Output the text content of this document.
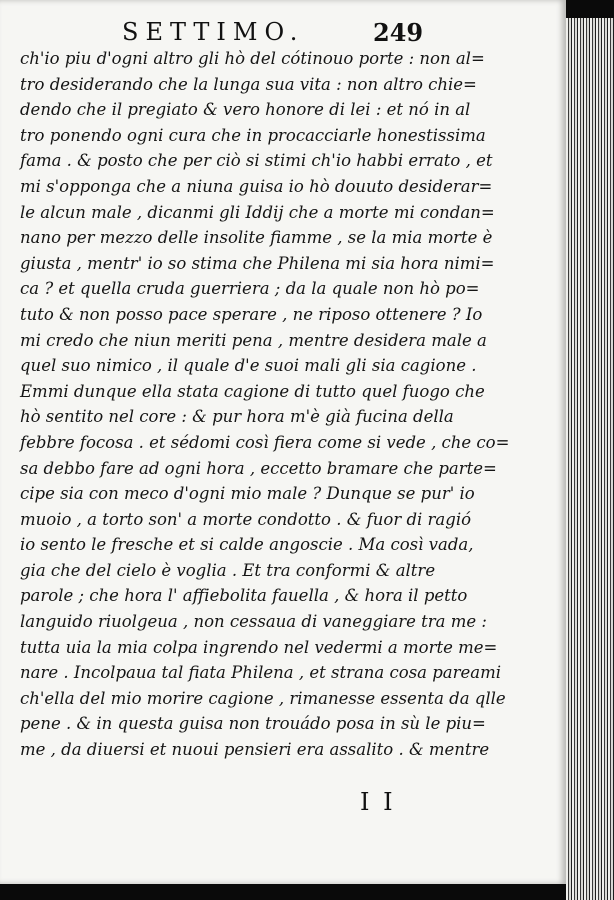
SETTIMO.	249
ch'io piu d'ogni altro gli hò del cótinouo porte : non al=
tro desiderando che la lunga sua vita : non altro chie=
dendo che il pregiato & vero honore di lei : et nó in al
tro ponendo ogni cura che in procacciarle honestissima
fama . & posto che per ciò si stimi ch'io habbi errato , et
mi s'opponga che a niuna guisa io hò douuto desiderar=
le alcun male , dicanmi gli Iddij che a morte mi condan=
nano per mezzo delle insolite fiamme , se la mia morte è
giusta , mentr' io so stima che Philena mi sia hora nimi=
ca ? et quella cruda guerriera ; da la quale non hò po=
tuto & non posso pace sperare , ne riposo ottenere ? Io
mi credo che niun meriti pena , mentre desidera male a
quel suo nimico , il quale d'e suoi mali gli sia cagione .
Emmi dunque ella stata cagione di tutto quel fuogo che
hò sentito nel core : & pur hora m'è già fucina della
febbre focosa . et sédomi così fiera come si vede , che co=
sa debbo fare ad ogni hora , eccetto bramare che parte=
cipe sia con meco d'ogni mio male ? Dunque se pur' io
muoio , a torto son' a morte condotto . & fuor di ragió
io sento le fresche et si calde angoscie . Ma così vada,
gia che del cielo è voglia . Et tra conformi & altre
parole ; che hora l' affiebolita fauella , & hora il petto
languido riuolgeua , non cessaua di vaneggiare tra me :
tutta uia la mia colpa ingrendo nel vedermi a morte me=
nare . Incolpaua tal fiata Philena , et strana cosa pareami
ch'ella del mio morire cagione , rimanesse essenta da qlle
pene . & in questa guisa non trouádo posa in sù le piu=
me , da diuersi et nuoui pensieri era assalito . & mentre
I I
